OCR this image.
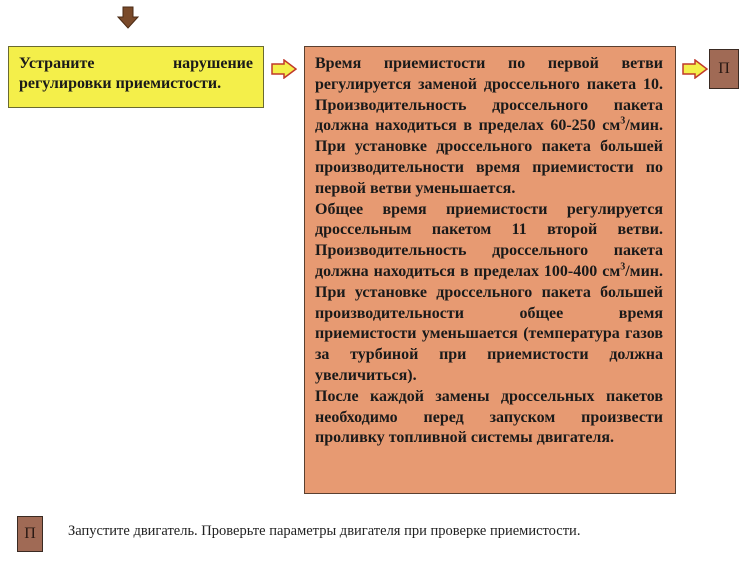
Устраните нарушение регулировки приемистости.

Время приемистости по первой ветви регулируется заменой дроссельного пакета 10. Производительность дроссельного пакета должна находиться в пределах 60-250 $см^3$/мин. При установке дроссельного пакета большей производительности время приемистости по первой ветви уменьшается.

Общее время приемистости регулируется дроссельным пакетом 11 второй ветви. Производительность дроссельного пакета должна находиться в пределах 100-400 $см^3$/мин. При установке дроссельного пакета большей производительности общее время приемистости уменьшается (температура газов за турбиной при приемистости должна увеличиться).

После каждой замены дроссельных пакетов необходимо перед запуском произвести проливку топливной системы двигателя.

П
П	Запустите двигатель. Проверьте параметры двигателя при проверке приемистости.
